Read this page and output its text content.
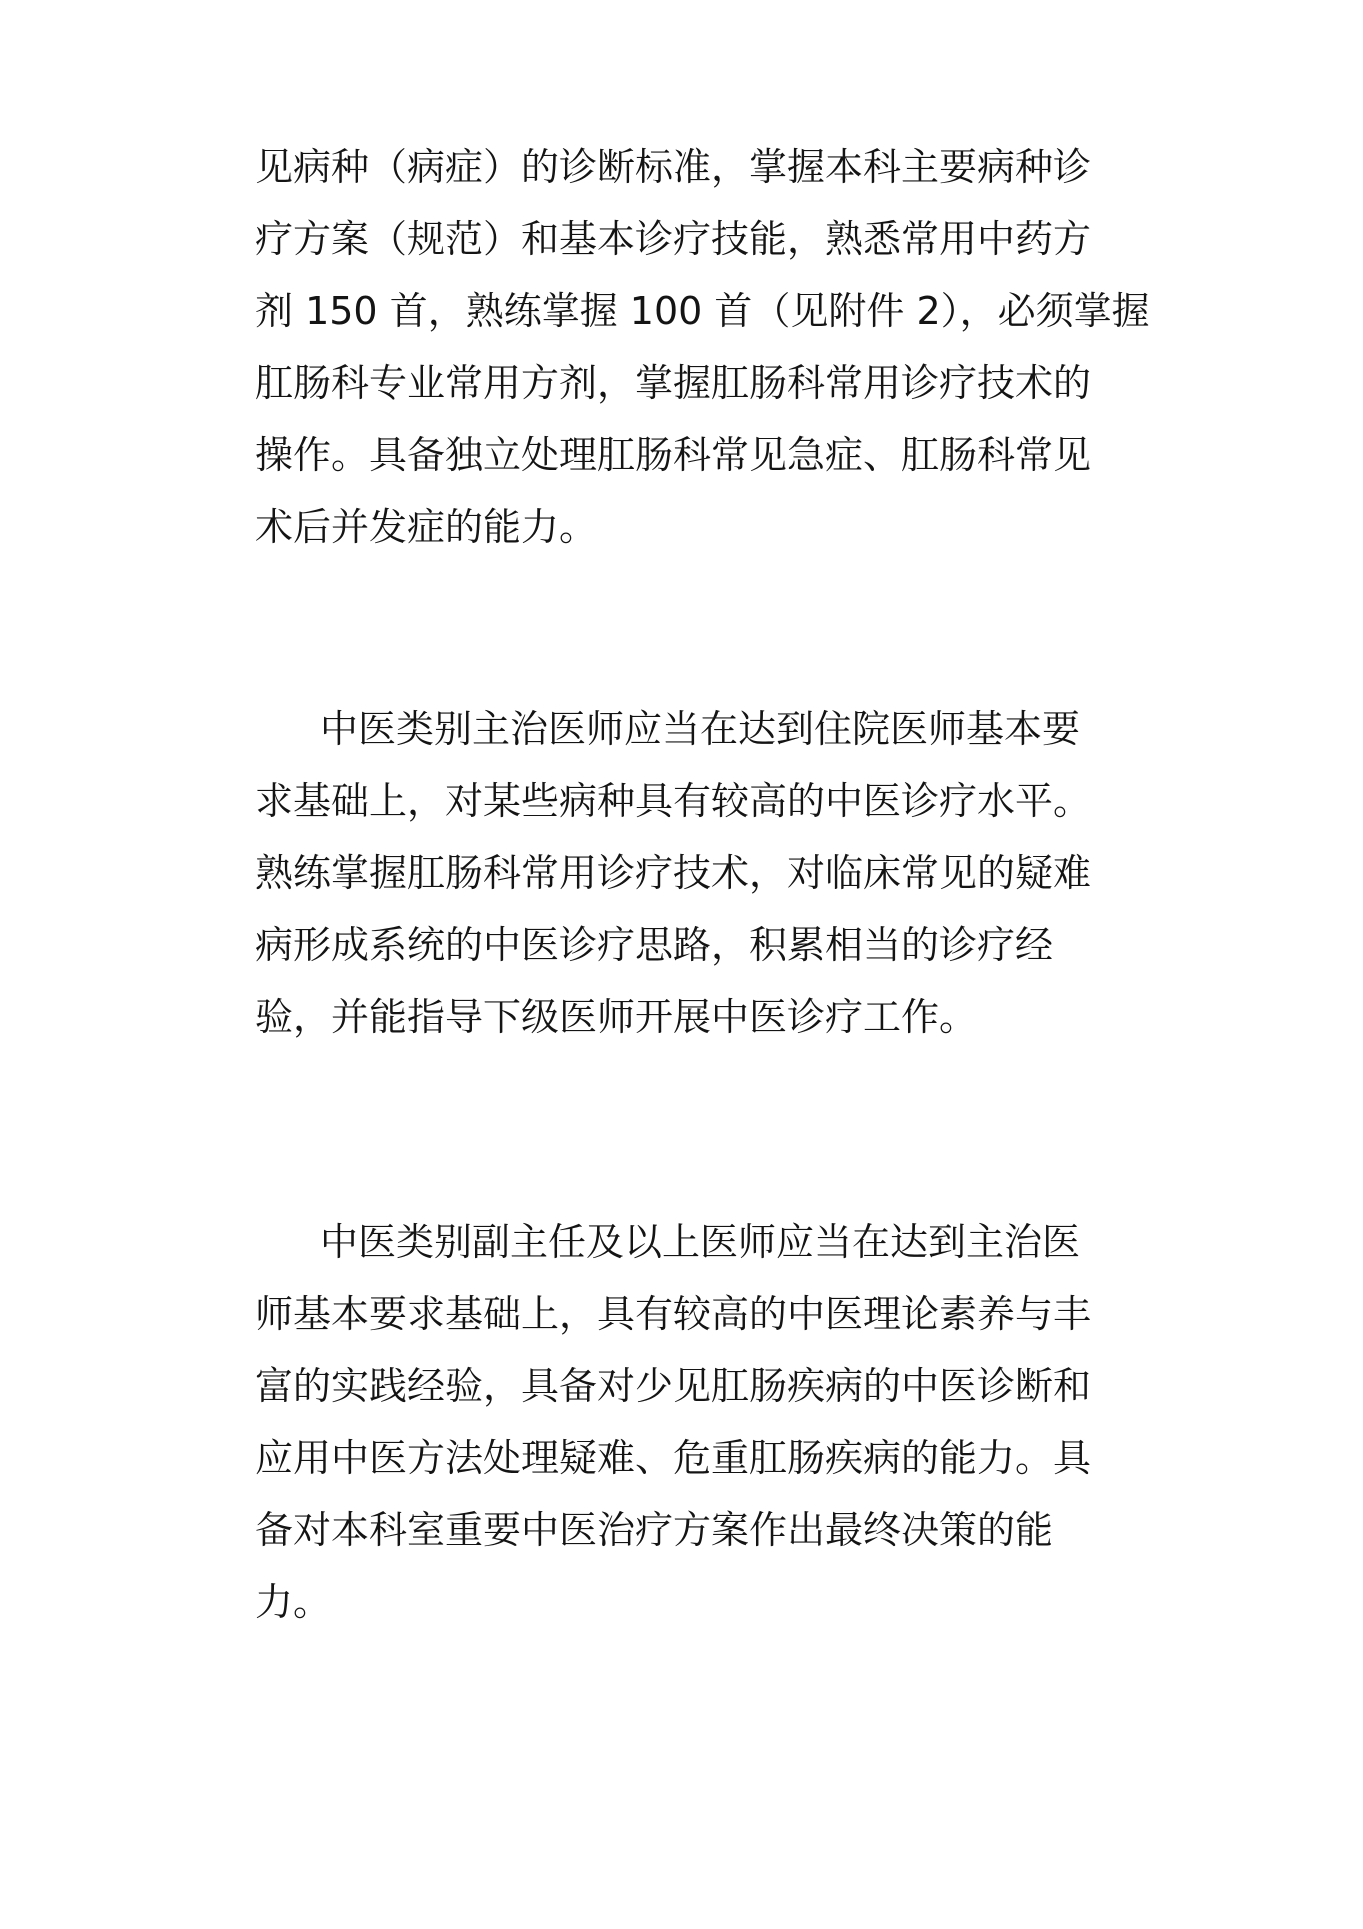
见病种（病症）的诊断标准，掌握本科主要病种诊
疗方案（规范）和基本诊疗技能，熟悉常用中药方
剂 150 首，熟练掌握 100 首（见附件 2），必须掌握
肛肠科专业常用方剂，掌握肛肠科常用诊疗技术的
操作。具备独立处理肛肠科常见急症、肛肠科常见
术后并发症的能力。

中医类别主治医师应当在达到住院医师基本要
求基础上，对某些病种具有较高的中医诊疗水平。
熟练掌握肛肠科常用诊疗技术，对临床常见的疑难
病形成系统的中医诊疗思路，积累相当的诊疗经
验，并能指导下级医师开展中医诊疗工作。

中医类别副主任及以上医师应当在达到主治医
师基本要求基础上，具有较高的中医理论素养与丰
富的实践经验，具备对少见肛肠疾病的中医诊断和
应用中医方法处理疑难、危重肛肠疾病的能力。具
备对本科室重要中医治疗方案作出最终决策的能
力。
